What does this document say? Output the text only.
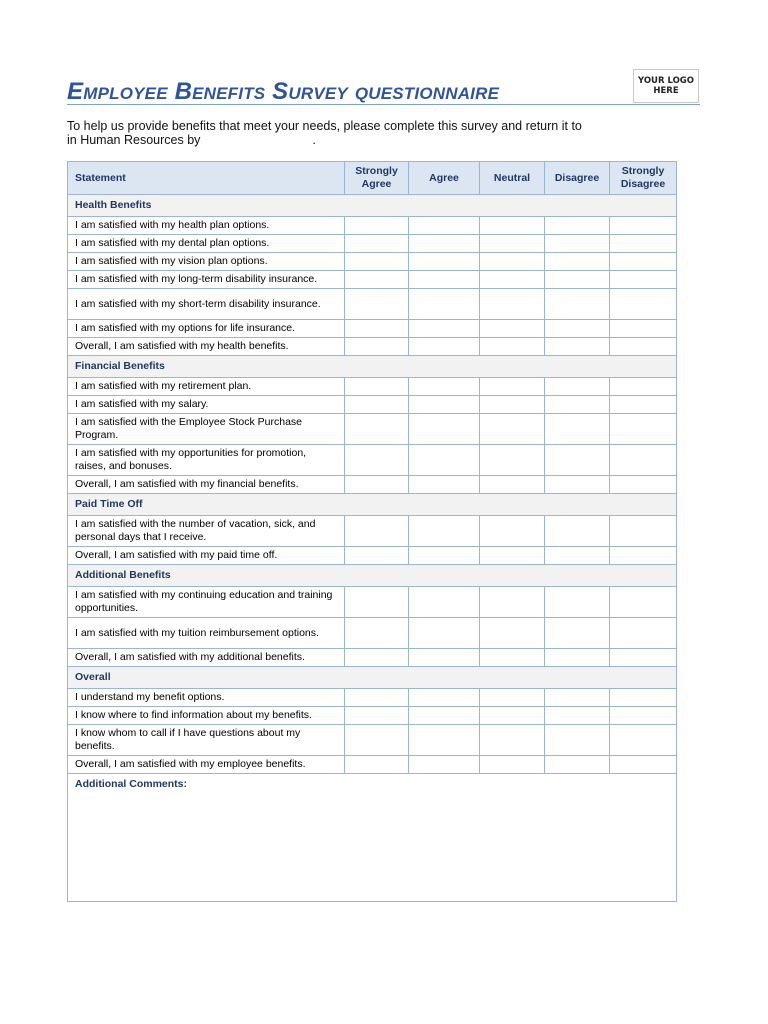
Employee Benefits Survey questionnaire	YOUR LOGO
HERE
To help us provide benefits that meet your needs, please complete this survey and return it to
in Human Resources by	.
Statement	Strongly Agree	Agree	Neutral	Disagree	Strongly Disagree
Health Benefits					
I am satisfied with my health plan options.					
I am satisfied with my dental plan options.					
I am satisfied with my vision plan options.					
I am satisfied with my long-term disability insurance.					
I am satisfied with my short-term disability insurance.					
I am satisfied with my options for life insurance.					
Overall, I am satisfied with my health benefits.					
Financial Benefits					
I am satisfied with my retirement plan.					
I am satisfied with my salary.					
I am satisfied with the Employee Stock Purchase Program.					
I am satisfied with my opportunities for promotion, raises, and bonuses.					
Overall, I am satisfied with my financial benefits.					
Paid Time Off					
I am satisfied with the number of vacation, sick, and personal days that I receive.					
Overall, I am satisfied with my paid time off.					
Additional Benefits					
I am satisfied with my continuing education and training opportunities.					
I am satisfied with my tuition reimbursement options.					
Overall, I am satisfied with my additional benefits.					
Overall					
I understand my benefit options.					
I know where to find information about my benefits.					
I know whom to call if I have questions about my benefits.					
Overall, I am satisfied with my employee benefits.					
Additional Comments:					
